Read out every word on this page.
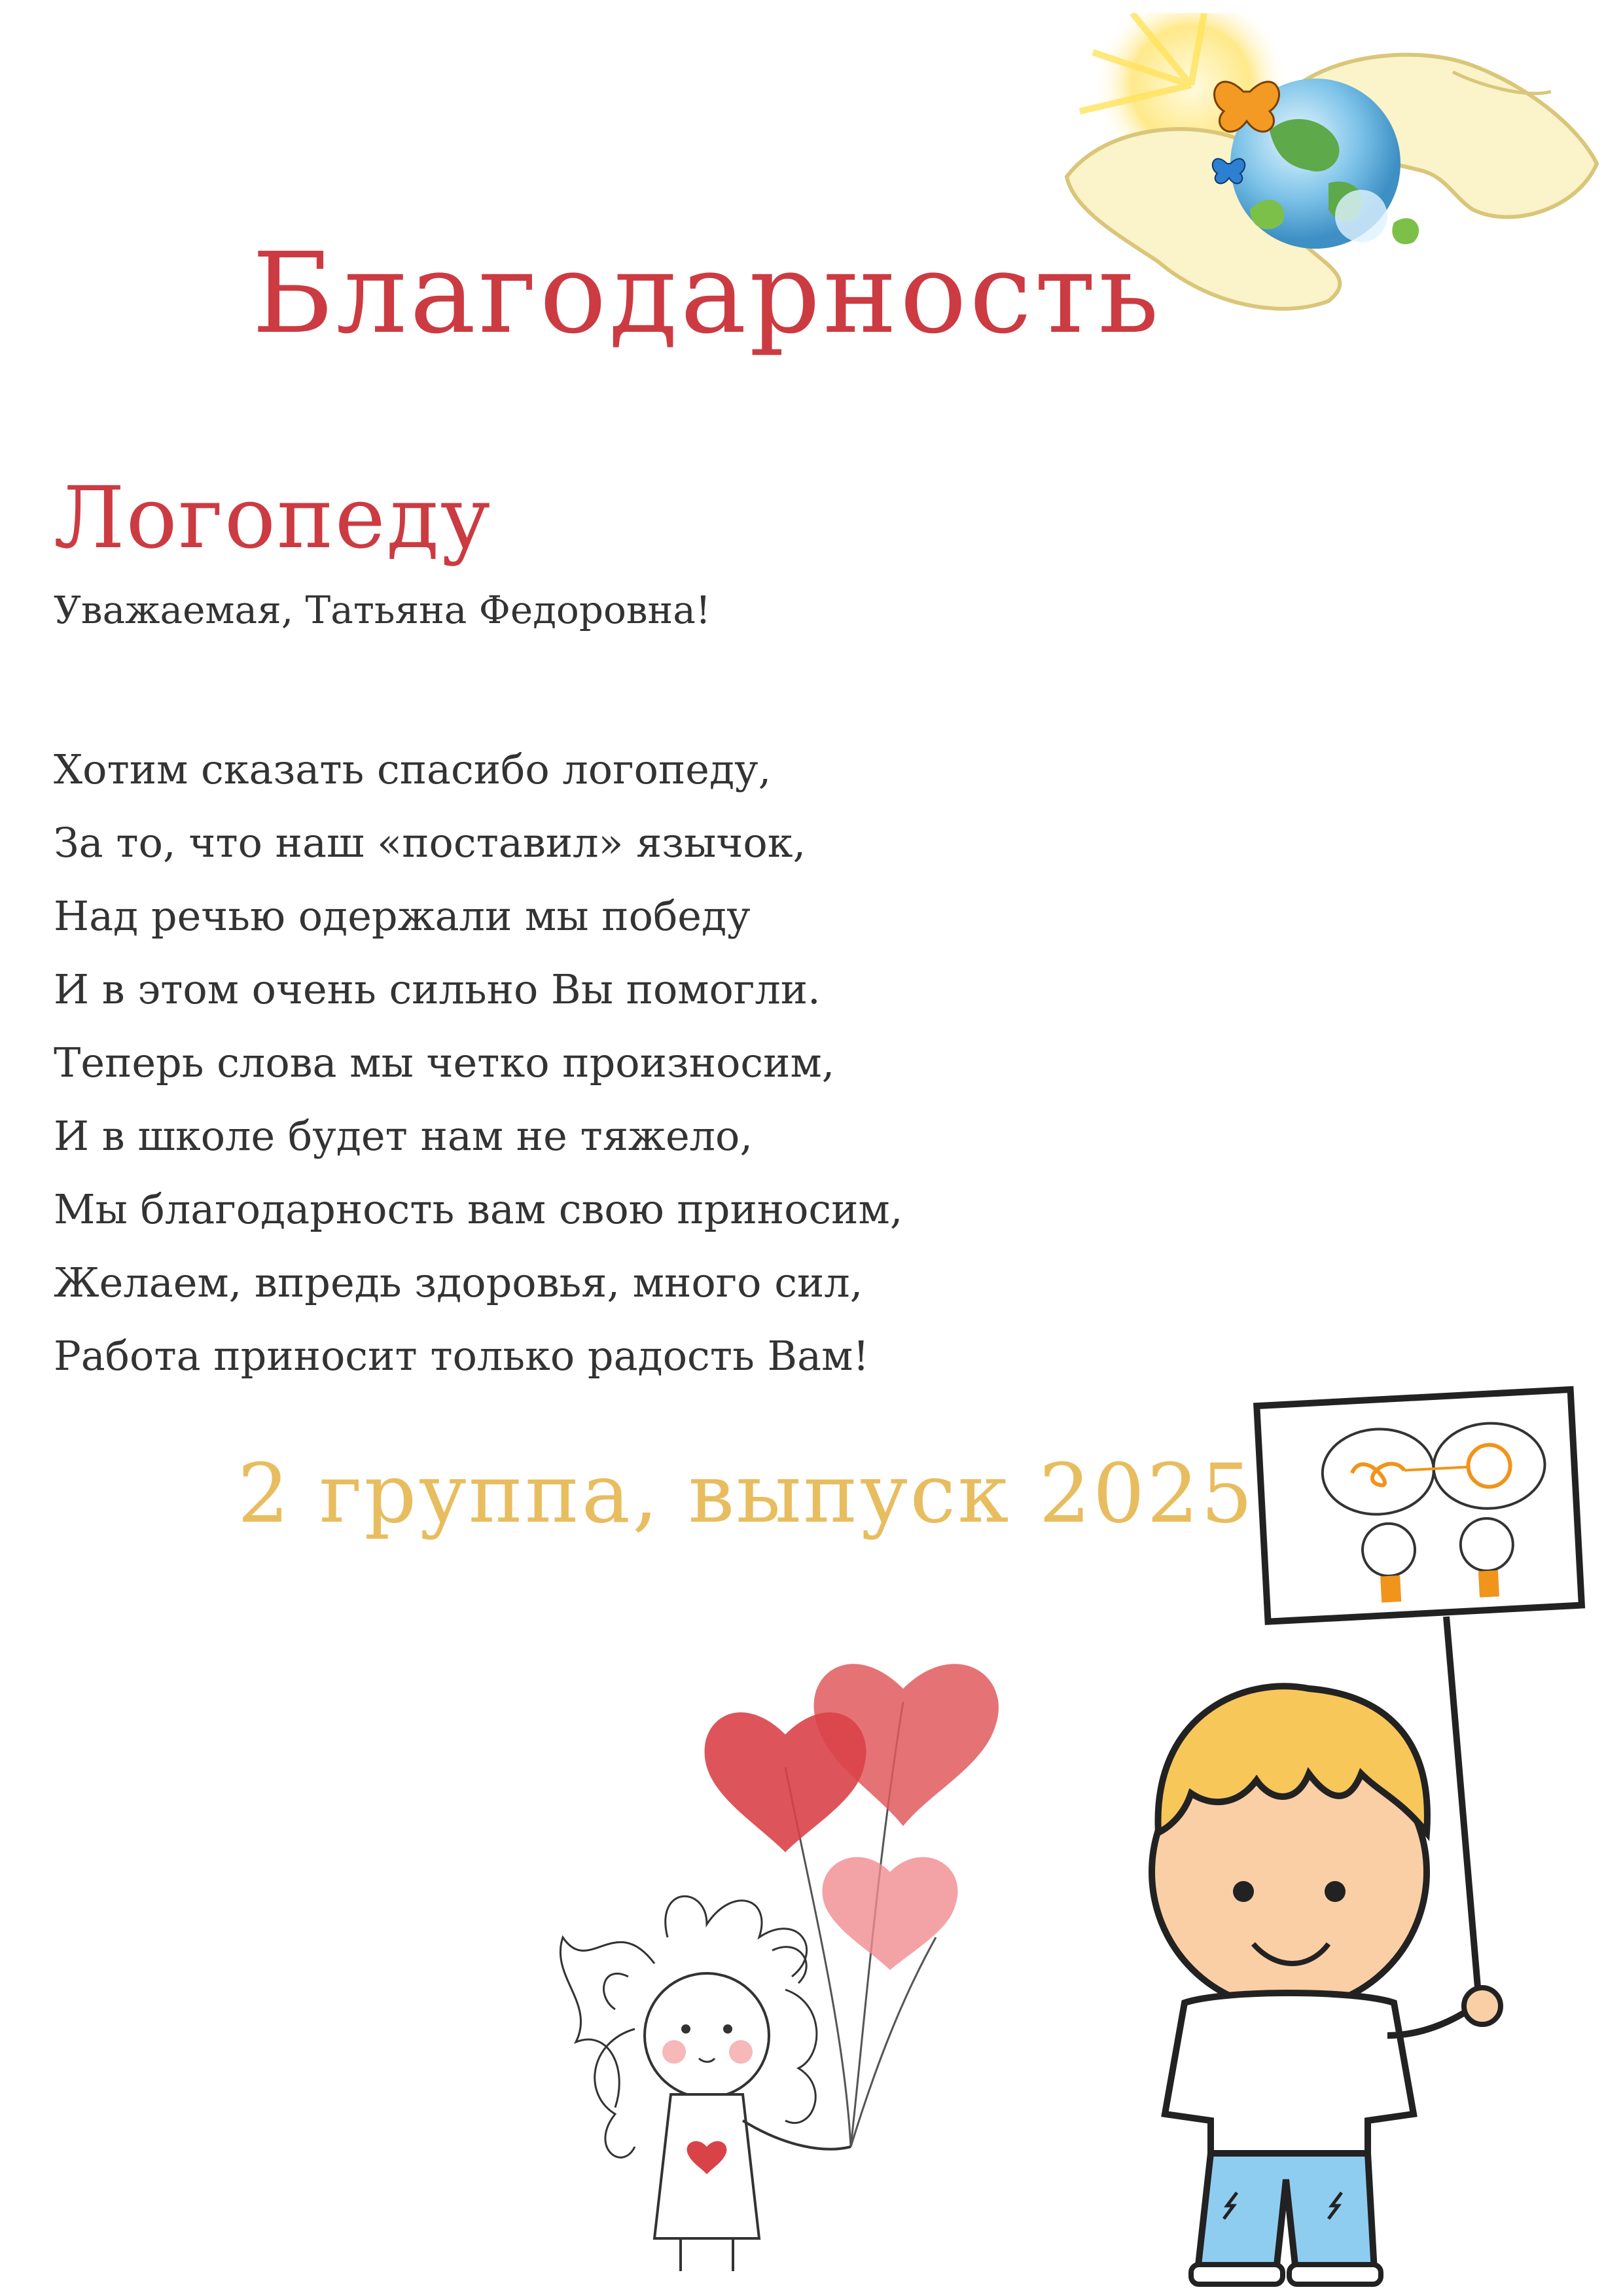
Благодарность
Логопеду
Уважаемая, Татьяна Федоровна!
Хотим сказать спасибо логопеду,
За то, что наш «поставил» язычок,
Над речью одержали мы победу
И в этом очень сильно Вы помогли.
Теперь слова мы четко произносим,
И в школе будет нам не тяжело,
Мы благодарность вам свою приносим,
Желаем, впредь здоровья, много сил,
Работа приносит только радость Вам!
2 группа, выпуск 2025
